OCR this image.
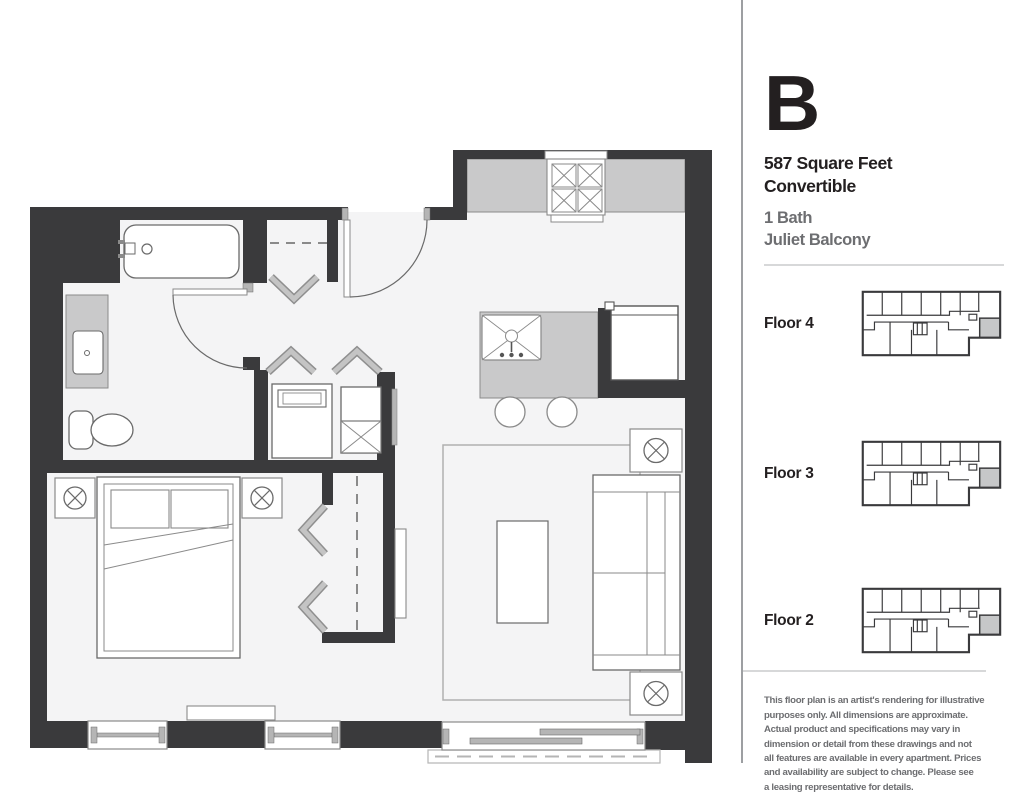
B
587 Square Feet
Convertible
1 Bath
Juliet Balcony
Floor 4
Floor 3
Floor 2
This floor plan is an artist's rendering for illustrative
purposes only. All dimensions are approximate.
Actual product and specifications may vary in
dimension or detail from these drawings and not
all features are available in every apartment. Prices
and availability are subject to change. Please see
a leasing representative for details.
